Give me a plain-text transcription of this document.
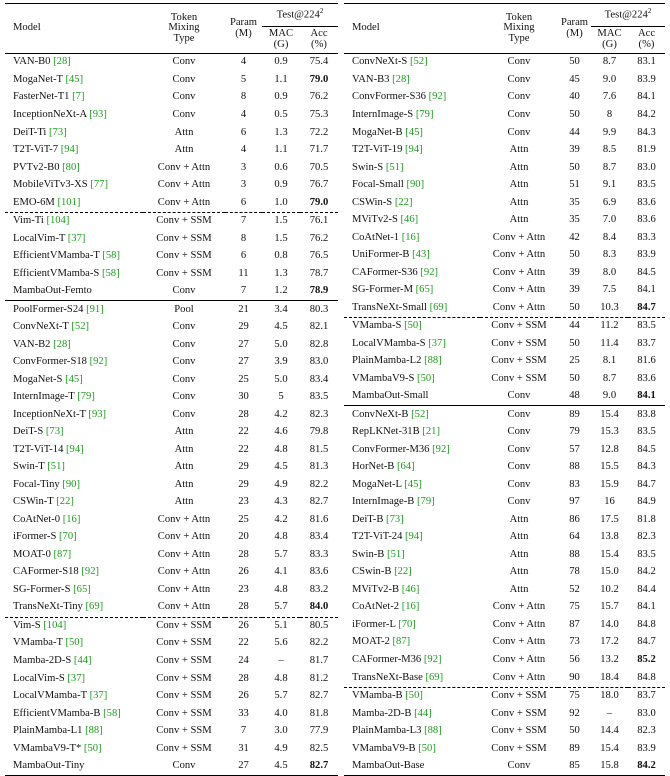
Model	Token
Mixing
Type	Param
(M)	$Test@224^2$
			MAC
(G)	Acc
(%)
VAN-B0 [28]	Conv	4	0.9	75.4
MogaNet-T [45]	Conv	5	1.1	79.0
FasterNet-T1 [7]	Conv	8	0.9	76.2
InceptionNeXt-A [93]	Conv	4	0.5	75.3
DeiT-Ti [73]	Attn	6	1.3	72.2
T2T-ViT-7 [94]	Attn	4	1.1	71.7
PVTv2-B0 [80]	Conv + Attn	3	0.6	70.5
MobileViTv3-XS [77]	Conv + Attn	3	0.9	76.7
EMO-6M [101]	Conv + Attn	6	1.0	79.0
Vim-Ti [104]	Conv + SSM	7	1.5	76.1
LocalVim-T [37]	Conv + SSM	8	1.5	76.2
EfficientVMamba-T [58]	Conv + SSM	6	0.8	76.5
EfficientVMamba-S [58]	Conv + SSM	11	1.3	78.7
MambaOut-Femto	Conv	7	1.2	78.9
PoolFormer-S24 [91]	Pool	21	3.4	80.3
ConvNeXt-T [52]	Conv	29	4.5	82.1
VAN-B2 [28]	Conv	27	5.0	82.8
ConvFormer-S18 [92]	Conv	27	3.9	83.0
MogaNet-S [45]	Conv	25	5.0	83.4
InternImage-T [79]	Conv	30	5	83.5
InceptionNeXt-T [93]	Conv	28	4.2	82.3
DeiT-S [73]	Attn	22	4.6	79.8
T2T-ViT-14 [94]	Attn	22	4.8	81.5
Swin-T [51]	Attn	29	4.5	81.3
Focal-Tiny [90]	Attn	29	4.9	82.2
CSWin-T [22]	Attn	23	4.3	82.7
CoAtNet-0 [16]	Conv + Attn	25	4.2	81.6
iFormer-S [70]	Conv + Attn	20	4.8	83.4
MOAT-0 [87]	Conv + Attn	28	5.7	83.3
CAFormer-S18 [92]	Conv + Attn	26	4.1	83.6
SG-Former-S [65]	Conv + Attn	23	4.8	83.2
TransNeXt-Tiny [69]	Conv + Attn	28	5.7	84.0
Vim-S [104]	Conv + SSM	26	5.1	80.5
VMamba-T [50]	Conv + SSM	22	5.6	82.2
Mamba-2D-S [44]	Conv + SSM	24	–	81.7
LocalVim-S [37]	Conv + SSM	28	4.8	81.2
LocalVMamba-T [37]	Conv + SSM	26	5.7	82.7
EfficientVMamba-B [58]	Conv + SSM	33	4.0	81.8
PlainMamba-L1 [88]	Conv + SSM	7	3.0	77.9
VMambaV9-T* [50]	Conv + SSM	31	4.9	82.5
MambaOut-Tiny	Conv	27	4.5	82.7
Model	Token
Mixing
Type	Param
(M)	$Test@224^2$
			MAC
(G)	Acc
(%)
ConvNeXt-S [52]	Conv	50	8.7	83.1
VAN-B3 [28]	Conv	45	9.0	83.9
ConvFormer-S36 [92]	Conv	40	7.6	84.1
InternImage-S [79]	Conv	50	8	84.2
MogaNet-B [45]	Conv	44	9.9	84.3
T2T-ViT-19 [94]	Attn	39	8.5	81.9
Swin-S [51]	Attn	50	8.7	83.0
Focal-Small [90]	Attn	51	9.1	83.5
CSWin-S [22]	Attn	35	6.9	83.6
MViTv2-S [46]	Attn	35	7.0	83.6
CoAtNet-1 [16]	Conv + Attn	42	8.4	83.3
UniFormer-B [43]	Conv + Attn	50	8.3	83.9
CAFormer-S36 [92]	Conv + Attn	39	8.0	84.5
SG-Former-M [65]	Conv + Attn	39	7.5	84.1
TransNeXt-Small [69]	Conv + Attn	50	10.3	84.7
VMamba-S [50]	Conv + SSM	44	11.2	83.5
LocalVMamba-S [37]	Conv + SSM	50	11.4	83.7
PlainMamba-L2 [88]	Conv + SSM	25	8.1	81.6
VMambaV9-S [50]	Conv + SSM	50	8.7	83.6
MambaOut-Small	Conv	48	9.0	84.1
ConvNeXt-B [52]	Conv	89	15.4	83.8
RepLKNet-31B [21]	Conv	79	15.3	83.5
ConvFormer-M36 [92]	Conv	57	12.8	84.5
HorNet-B [64]	Conv	88	15.5	84.3
MogaNet-L [45]	Conv	83	15.9	84.7
InternImage-B [79]	Conv	97	16	84.9
DeiT-B [73]	Attn	86	17.5	81.8
T2T-ViT-24 [94]	Attn	64	13.8	82.3
Swin-B [51]	Attn	88	15.4	83.5
CSwin-B [22]	Attn	78	15.0	84.2
MViTv2-B [46]	Attn	52	10.2	84.4
CoAtNet-2 [16]	Conv + Attn	75	15.7	84.1
iFormer-L [70]	Conv + Attn	87	14.0	84.8
MOAT-2 [87]	Conv + Attn	73	17.2	84.7
CAFormer-M36 [92]	Conv + Attn	56	13.2	85.2
TransNeXt-Base [69]	Conv + Attn	90	18.4	84.8
VMamba-B [50]	Conv + SSM	75	18.0	83.7
Mamba-2D-B [44]	Conv + SSM	92	–	83.0
PlainMamba-L3 [88]	Conv + SSM	50	14.4	82.3
VMambaV9-B [50]	Conv + SSM	89	15.4	83.9
MambaOut-Base	Conv	85	15.8	84.2
